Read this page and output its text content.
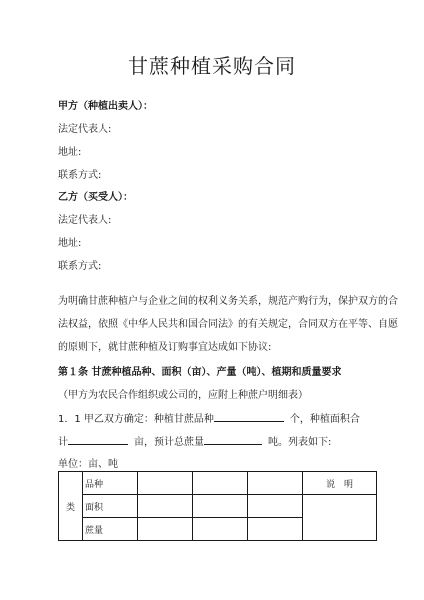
甘蔗种植采购合同
甲方（种植出卖人）：
法定代表人:
地址:
联系方式:
乙方（买受人）：
法定代表人:
地址:
联系方式:
为明确甘蔗种植户与企业之间的权利义务关系，规范产购行为，保护双方的合
法权益，依照《中华人民共和国合同法》的有关规定，合同双方在平等、自愿
的原则下，就甘蔗种植及订购事宜达成如下协议:
第１条 甘蔗种植品种、面积（亩）、产量（吨）、植期和质量要求
（甲方为农民合作组织或公司的，应附上种蔗户明细表）
1．1 甲乙双方确定：种植甘蔗品种	个，种植面积合
计	亩，预计总蔗量	吨。列表如下:
单位：亩、吨
类	品种				说　明
	面积				
	蔗量				
